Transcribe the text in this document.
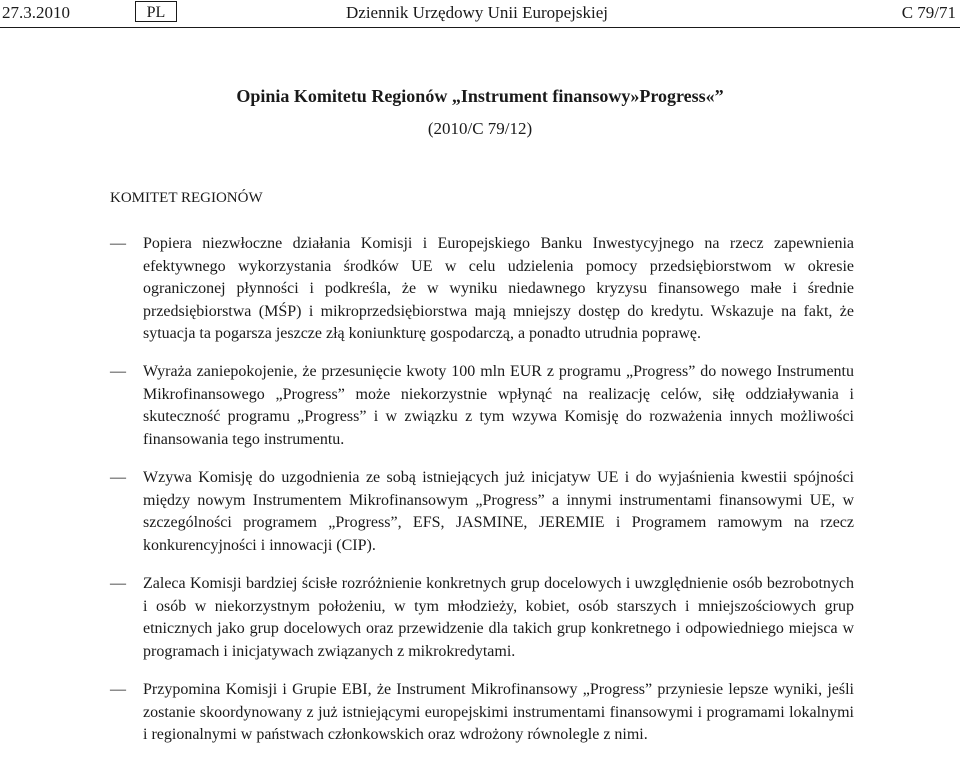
27.3.2010	PL	Dziennik Urzędowy Unii Europejskiej	C 79/71
Opinia Komitetu Regionów „Instrument finansowy»Progress«”
(2010/C 79/12)
KOMITET REGIONÓW
— Popiera niezwłoczne działania Komisji i Europejskiego Banku Inwestycyjnego na rzecz zapewnienia efektywnego wykorzystania środków UE w celu udzielenia pomocy przedsiębiorstwom w okresie ograniczonej płynności i podkreśla, że w wyniku niedawnego kryzysu finansowego małe i średnie przedsiębiorstwa (MŚP) i mikroprzedsiębiorstwa mają mniejszy dostęp do kredytu. Wskazuje na fakt, że sytuacja ta pogarsza jeszcze złą koniunkturę gospodarczą, a ponadto utrudnia poprawę.
— Wyraża zaniepokojenie, że przesunięcie kwoty 100 mln EUR z programu „Progress” do nowego Instrumentu Mikrofinansowego „Progress” może niekorzystnie wpłynąć na realizację celów, siłę oddziaływania i skuteczność programu „Progress” i w związku z tym wzywa Komisję do rozważenia innych możliwości finansowania tego instrumentu.
— Wzywa Komisję do uzgodnienia ze sobą istniejących już inicjatyw UE i do wyjaśnienia kwestii spójności między nowym Instrumentem Mikrofinansowym „Progress” a innymi instrumentami finansowymi UE, w szczególności programem „Progress”, EFS, JASMINE, JEREMIE i Programem ramowym na rzecz konkurencyjności i innowacji (CIP).
— Zaleca Komisji bardziej ścisłe rozróżnienie konkretnych grup docelowych i uwzględnienie osób bezrobotnych i osób w niekorzystnym położeniu, w tym młodzieży, kobiet, osób starszych i mniejszościowych grup etnicznych jako grup docelowych oraz przewidzenie dla takich grup konkretnego i odpowiedniego miejsca w programach i inicjatywach związanych z mikrokredytami.
— Przypomina Komisji i Grupie EBI, że Instrument Mikrofinansowy „Progress” przyniesie lepsze wyniki, jeśli zostanie skoordynowany z już istniejącymi europejskimi instrumentami finansowymi i programami lokalnymi i regionalnymi w państwach członkowskich oraz wdrożony równolegle z nimi.
